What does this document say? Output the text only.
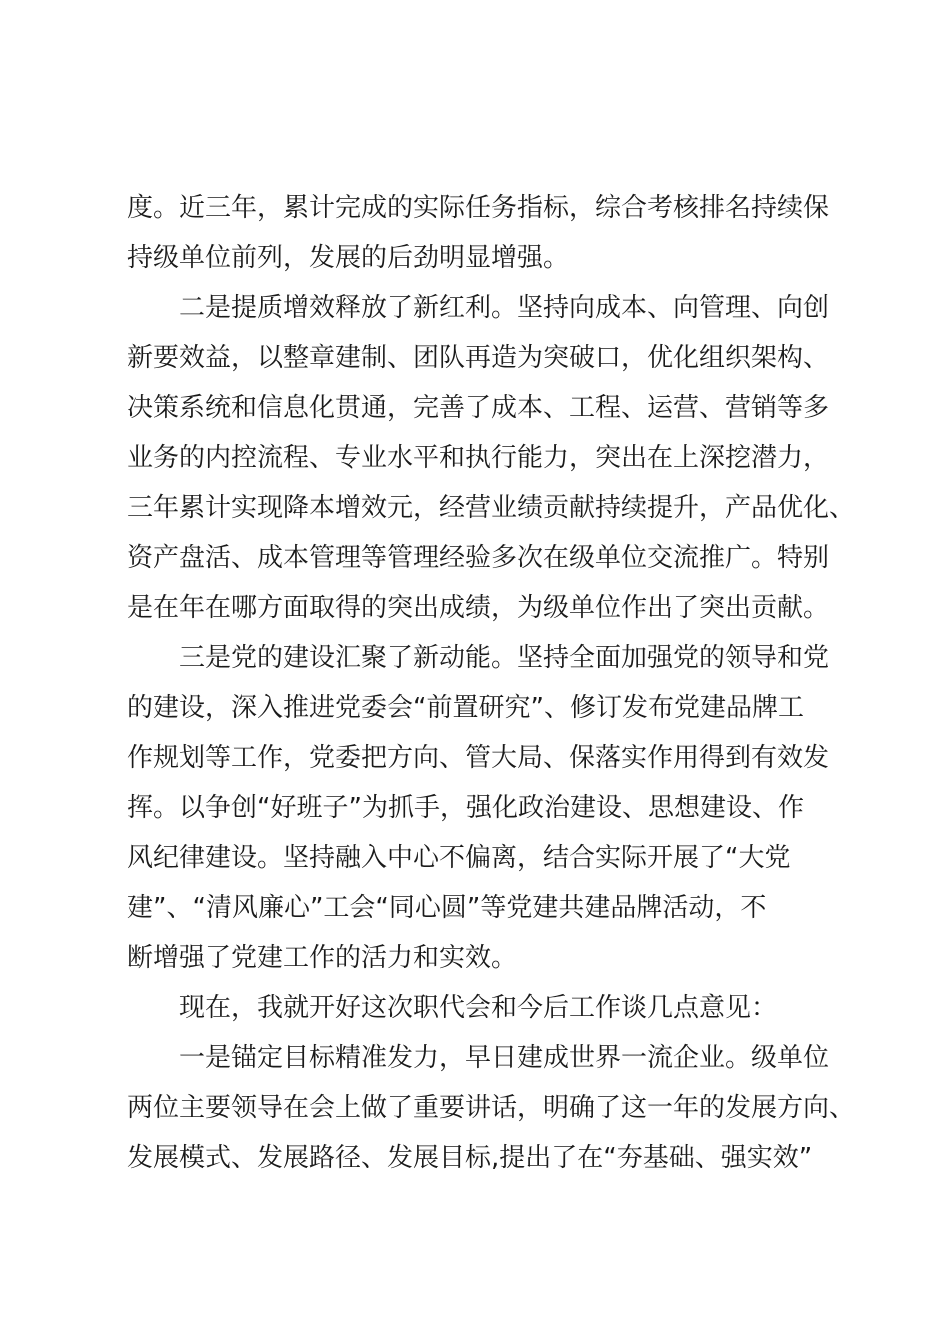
度。近三年，累计完成的实际任务指标，综合考核排名持续保
持级单位前列，发展的后劲明显增强。
二是提质增效释放了新红利。坚持向成本、向管理、向创
新要效益，以整章建制、团队再造为突破口，优化组织架构、
决策系统和信息化贯通，完善了成本、工程、运营、营销等多
业务的内控流程、专业水平和执行能力，突出在上深挖潜力，
三年累计实现降本增效元，经营业绩贡献持续提升，产品优化、
资产盘活、成本管理等管理经验多次在级单位交流推广。特别
是在年在哪方面取得的突出成绩，为级单位作出了突出贡献。
三是党的建设汇聚了新动能。坚持全面加强党的领导和党
的建设，深入推进党委会“前置研究”、修订发布党建品牌工
作规划等工作，党委把方向、管大局、保落实作用得到有效发
挥。以争创“好班子”为抓手，强化政治建设、思想建设、作
风纪律建设。坚持融入中心不偏离，结合实际开展了“大党
建”、“清风廉心”工会“同心圆”等党建共建品牌活动，不
断增强了党建工作的活力和实效。
现在，我就开好这次职代会和今后工作谈几点意见：
一是锚定目标精准发力，早日建成世界一流企业。级单位
两位主要领导在会上做了重要讲话，明确了这一年的发展方向、
发展模式、发展路径、发展目标,提出了在“夯基础、强实效”
